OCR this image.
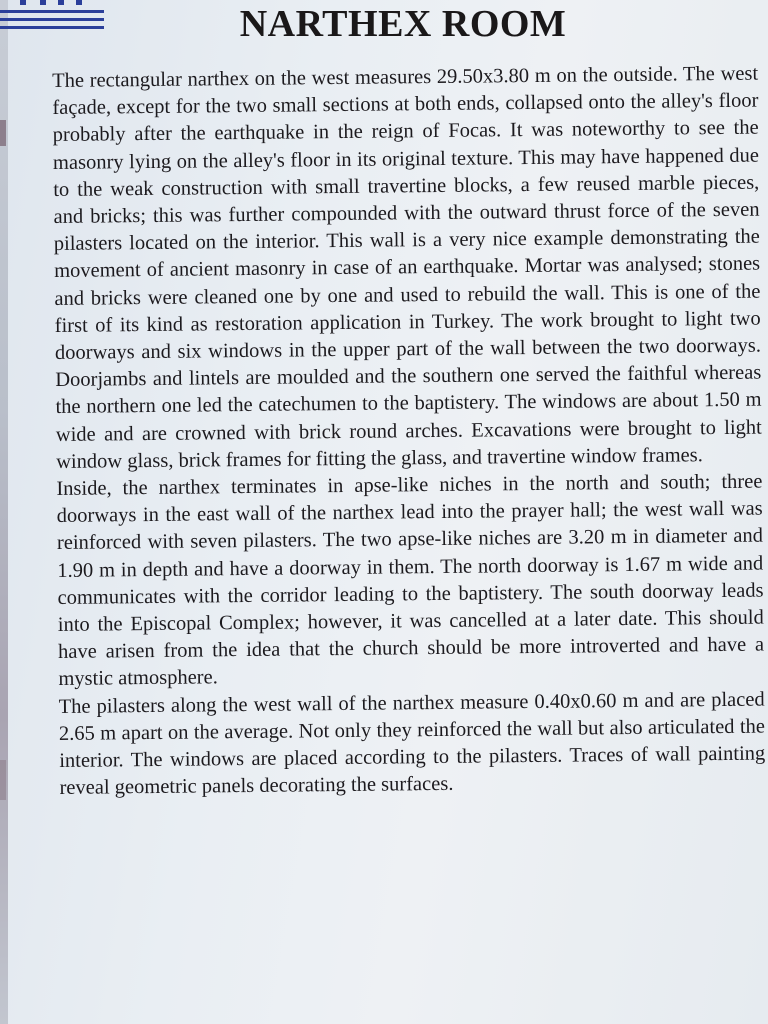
NARTHEX ROOM

The rectangular narthex on the west measures 29.50x3.80 m on the outside. The west façade, except for the two small sections at both ends, collapsed onto the alley's floor probably after the earthquake in the reign of Focas. It was noteworthy to see the masonry lying on the alley's floor in its original texture. This may have happened due to the weak construction with small travertine blocks, a few reused marble pieces, and bricks; this was further compounded with the outward thrust force of the seven pilasters located on the interior. This wall is a very nice example demonstrating the movement of ancient masonry in case of an earthquake. Mortar was analysed; stones and bricks were cleaned one by one and used to rebuild the wall. This is one of the first of its kind as restoration application in Turkey. The work brought to light two doorways and six windows in the upper part of the wall between the two doorways. Doorjambs and lintels are moulded and the southern one served the faithful whereas the northern one led the catechumen to the baptistery. The windows are about 1.50 m wide and are crowned with brick round arches. Excavations were brought to light window glass, brick frames for fitting the glass, and travertine window frames.

Inside, the narthex terminates in apse-like niches in the north and south; three doorways in the east wall of the narthex lead into the prayer hall; the west wall was reinforced with seven pilasters. The two apse-like niches are 3.20 m in diameter and 1.90 m in depth and have a doorway in them. The north doorway is 1.67 m wide and communicates with the corridor leading to the baptistery. The south doorway leads into the Episcopal Complex; however, it was cancelled at a later date. This should have arisen from the idea that the church should be more introverted and have a mystic atmosphere.

The pilasters along the west wall of the narthex measure 0.40x0.60 m and are placed 2.65 m apart on the average. Not only they reinforced the wall but also articulated the interior. The windows are placed according to the pilasters. Traces of wall painting reveal geometric panels decorating the surfaces.
